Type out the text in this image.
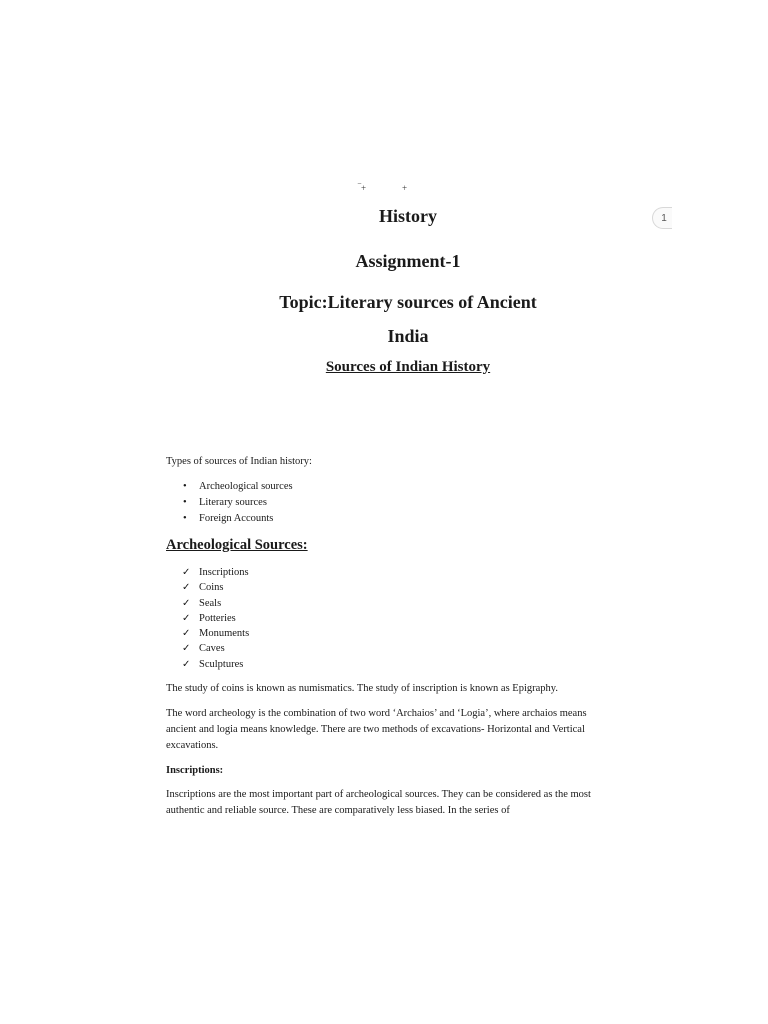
‾+	+
1
History
Assignment-1
Topic:Literary sources of Ancient
India
Sources of Indian History

Types of sources of Indian history:

• Archeological sources
• Literary sources
• Foreign Accounts
Archeological Sources:
✓ Inscriptions
✓ Coins
✓ Seals
✓ Potteries
✓ Monuments
✓ Caves
✓ Sculptures

The study of coins is known as numismatics. The study of inscription is known as Epigraphy.

The word archeology is the combination of two word ‘Archaios’ and ‘Logia’, where archaios means ancient and logia means knowledge. There are two methods of excavations- Horizontal and Vertical excavations.

Inscriptions:

Inscriptions are the most important part of archeological sources. They can be considered as the most authentic and reliable source. These are comparatively less biased. In the series of
